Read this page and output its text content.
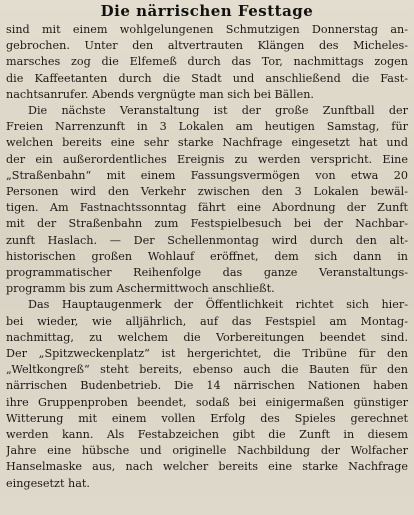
Die närrischen Festtage
sind mit einem wohlgelungenen Schmutzigen Donnerstag an-
gebrochen. Unter den altvertrauten Klängen des Micheles-
marsches zog die Elfemeß durch das Tor, nachmittags zogen
die Kaffeetanten durch die Stadt und anschließend die Fast-
nachtsanrufer. Abends vergnügte man sich bei Bällen.
Die nächste Veranstaltung ist der große Zunftball der
Freien Narrenzunft in 3 Lokalen am heutigen Samstag, für
welchen bereits eine sehr starke Nachfrage eingesetzt hat und
der ein außerordentliches Ereignis zu werden verspricht. Eine
„Straßenbahn“ mit einem Fassungsvermögen von etwa 20
Personen wird den Verkehr zwischen den 3 Lokalen bewäl-
tigen. Am Fastnachtssonntag fährt eine Abordnung der Zunft
mit der Straßenbahn zum Festspielbesuch bei der Nachbar-
zunft Haslach. — Der Schellenmontag wird durch den alt-
historischen großen Wohlauf eröffnet, dem sich dann in
programmatischer Reihenfolge das ganze Veranstaltungs-
programm bis zum Aschermittwoch anschließt.
Das Hauptaugenmerk der Öffentlichkeit richtet sich hier-
bei wieder, wie alljährlich, auf das Festspiel am Montag-
nachmittag, zu welchem die Vorbereitungen beendet sind.
Der „Spitzweckenplatz“ ist hergerichtet, die Tribüne für den
„Weltkongreß“ steht bereits, ebenso auch die Bauten für den
närrischen Budenbetrieb. Die 14 närrischen Nationen haben
ihre Gruppenproben beendet, sodaß bei einigermaßen günstiger
Witterung mit einem vollen Erfolg des Spieles gerechnet
werden kann. Als Festabzeichen gibt die Zunft in diesem
Jahre eine hübsche und originelle Nachbildung der Wolfacher
Hanselmaske aus, nach welcher bereits eine starke Nachfrage
eingesetzt hat.
